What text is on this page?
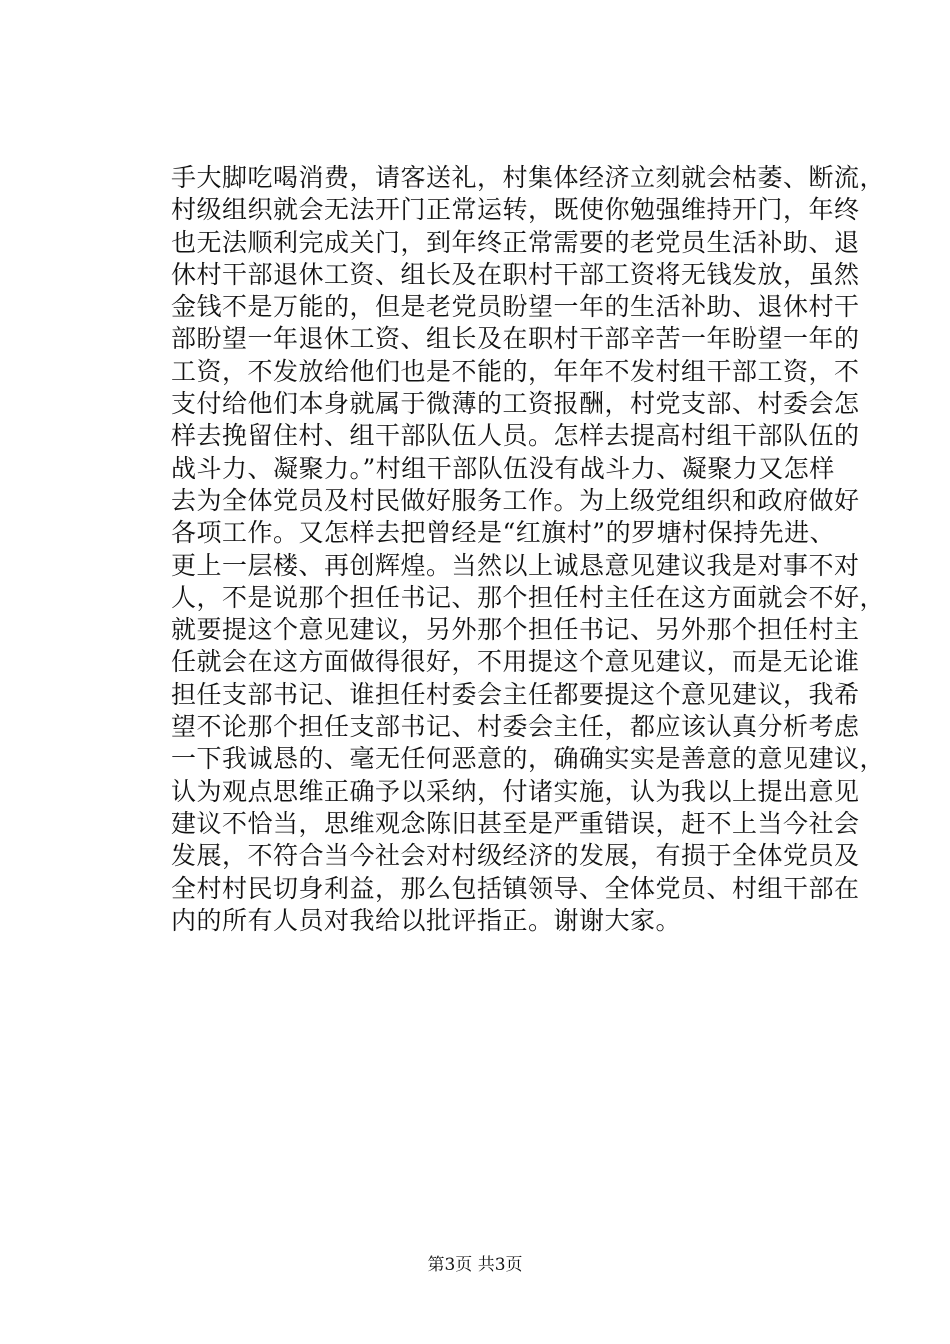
手大脚吃喝消费，请客送礼，村集体经济立刻就会枯萎、断流，
村级组织就会无法开门正常运转，既使你勉强维持开门，年终
也无法顺利完成关门，到年终正常需要的老党员生活补助、退
休村干部退休工资、组长及在职村干部工资将无钱发放，虽然
金钱不是万能的，但是老党员盼望一年的生活补助、退休村干
部盼望一年退休工资、组长及在职村干部辛苦一年盼望一年的
工资，不发放给他们也是不能的，年年不发村组干部工资，不
支付给他们本身就属于微薄的工资报酬，村党支部、村委会怎
样去挽留住村、组干部队伍人员。怎样去提高村组干部队伍的
战斗力、凝聚力。”村组干部队伍没有战斗力、凝聚力又怎样
去为全体党员及村民做好服务工作。为上级党组织和政府做好
各项工作。又怎样去把曾经是“红旗村”的罗塘村保持先进、
更上一层楼、再创辉煌。当然以上诚恳意见建议我是对事不对
人，不是说那个担任书记、那个担任村主任在这方面就会不好，
就要提这个意见建议，另外那个担任书记、另外那个担任村主
任就会在这方面做得很好，不用提这个意见建议，而是无论谁
担任支部书记、谁担任村委会主任都要提这个意见建议，我希
望不论那个担任支部书记、村委会主任，都应该认真分析考虑
一下我诚恳的、毫无任何恶意的，确确实实是善意的意见建议，
认为观点思维正确予以采纳，付诸实施，认为我以上提出意见
建议不恰当，思维观念陈旧甚至是严重错误，赶不上当今社会
发展，不符合当今社会对村级经济的发展，有损于全体党员及
全村村民切身利益，那么包括镇领导、全体党员、村组干部在
内的所有人员对我给以批评指正。谢谢大家。
第3页 共3页
